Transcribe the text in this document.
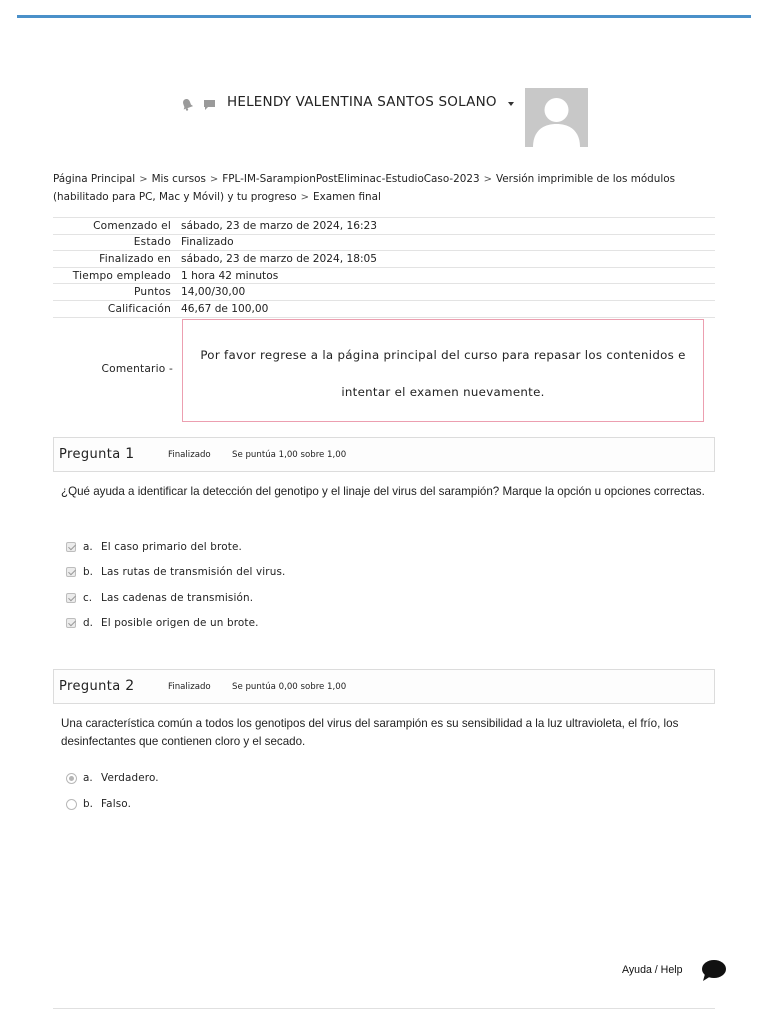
HELENDY VALENTINA SANTOS SOLANO
Página Principal > Mis cursos > FPL-IM-SarampionPostEliminac-EstudioCaso-2023 > Versión imprimible de los módulos (habilitado para PC, Mac y Móvil) y tu progreso > Examen final
Comenzado el	sábado, 23 de marzo de 2024, 16:23
Estado	Finalizado
Finalizado en	sábado, 23 de marzo de 2024, 18:05
Tiempo empleado	1 hora 42 minutos
Puntos	14,00/30,00
Calificación	46,67 de 100,00
Comentario -
Por favor regrese a la página principal del curso para repasar los contenidos e
intentar el examen nuevamente.
Pregunta 1	Finalizado Se puntúa 1,00 sobre 1,00
¿Qué ayuda a identificar la detección del genotipo y el linaje del virus del sarampión? Marque la opción u opciones correctas.
a. El caso primario del brote.
b. Las rutas de transmisión del virus.
c. Las cadenas de transmisión.
d. El posible origen de un brote.
Pregunta 2	Finalizado Se puntúa 0,00 sobre 1,00
Una característica común a todos los genotipos del virus del sarampión es su sensibilidad a la luz ultravioleta, el frío, los desinfectantes que contienen cloro y el secado.
a. Verdadero.
b. Falso.
Ayuda / Help
